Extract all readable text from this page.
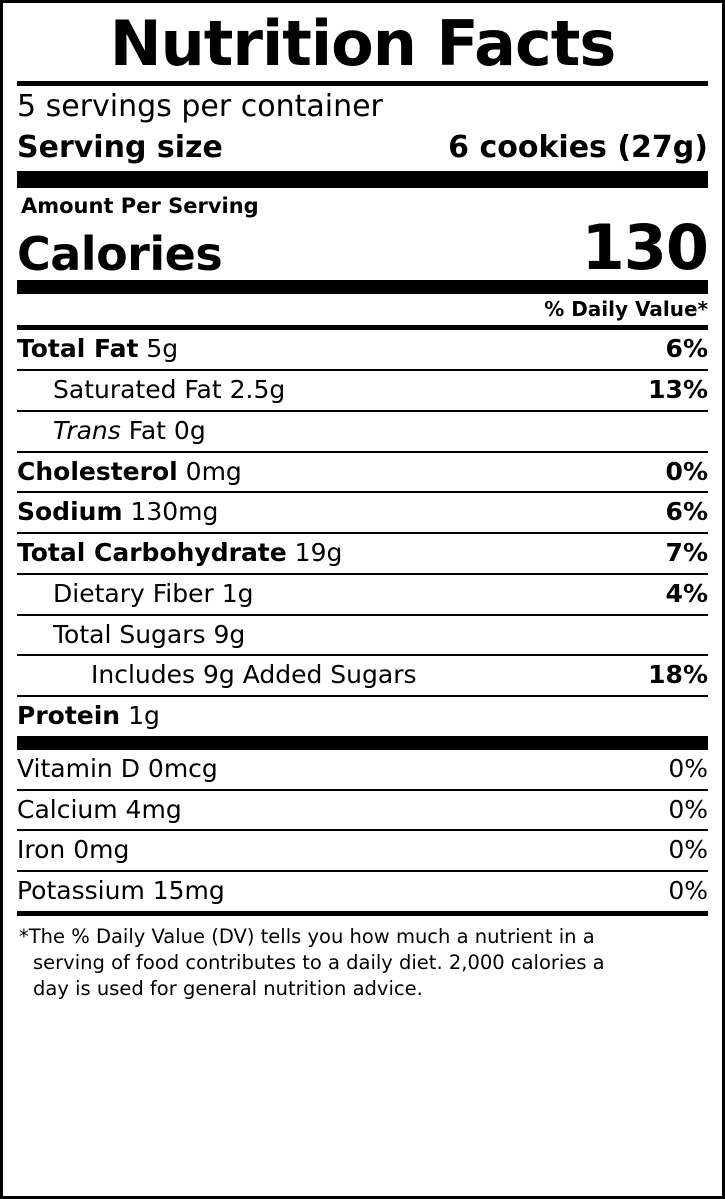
Nutrition Facts
5 servings per container
Serving size	6 cookies (27g)
Amount Per Serving
Calories	130
% Daily Value*
Total Fat 5g	6%
Saturated Fat 2.5g	13%
Trans Fat 0g
Cholesterol 0mg	0%
Sodium 130mg	6%
Total Carbohydrate 19g	7%
Dietary Fiber 1g	4%
Total Sugars 9g
Includes 9g Added Sugars	18%
Protein 1g
Vitamin D 0mcg	0%
Calcium 4mg	0%
Iron 0mg	0%
Potassium 15mg	0%
*The % Daily Value (DV) tells you how much a nutrient in a
serving of food contributes to a daily diet. 2,000 calories a
day is used for general nutrition advice.
